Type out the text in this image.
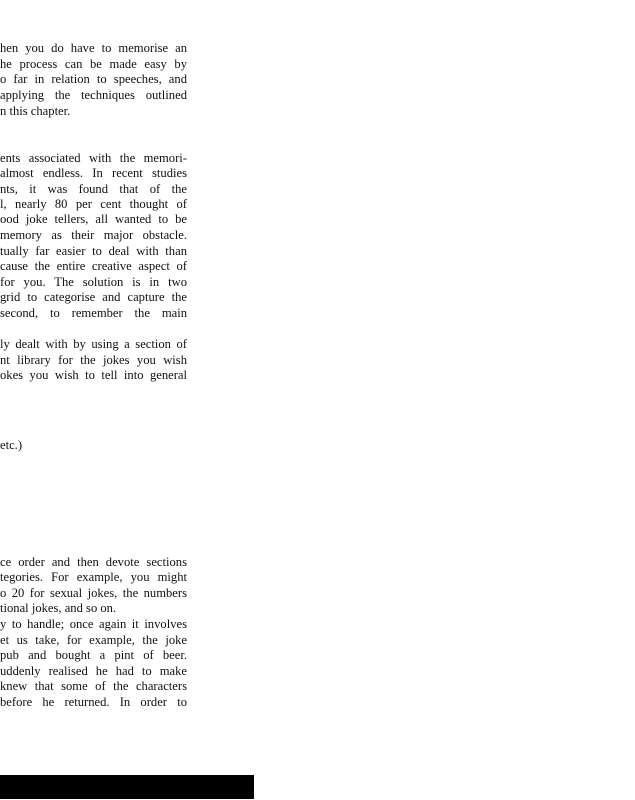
hen you do have to memorise an
he process can be made easy by
o far in relation to speeches, and
applying the techniques outlined
n this chapter.
ents associated with the memori-
almost endless. In recent studies
nts, it was found that of the
l, nearly 80 per cent thought of
ood joke tellers, all wanted to be
memory as their major obstacle.
tually far easier to deal with than
cause the entire creative aspect of
for you. The solution is in two
grid to categorise and capture the
second, to remember the main
ly dealt with by using a section of
nt library for the jokes you wish
okes you wish to tell into general
etc.)
ce order and then devote sections
tegories. For example, you might
o 20 for sexual jokes, the numbers
tional jokes, and so on.
y to handle; once again it involves
et us take, for example, the joke
pub and bought a pint of beer.
uddenly realised he had to make
knew that some of the characters
before he returned. In order to
